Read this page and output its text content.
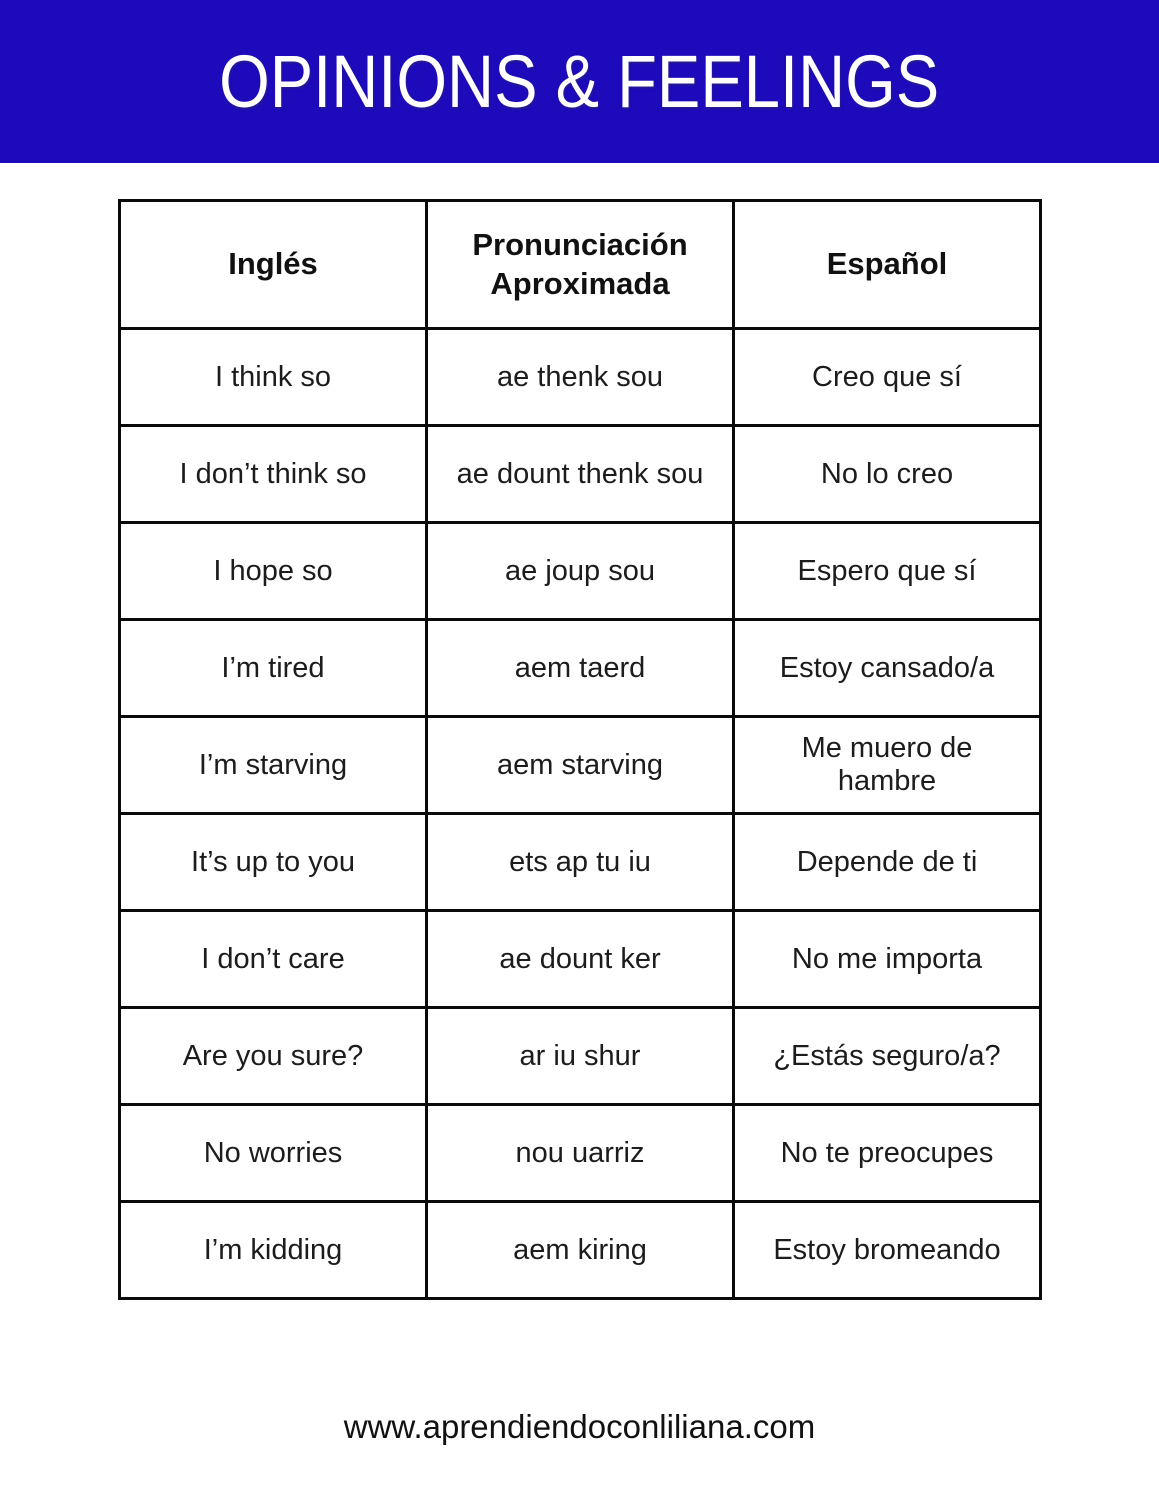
OPINIONS & FEELINGS
Inglés	Pronunciación Aproximada	Español
I think so	ae thenk sou	Creo que sí
I don’t think so	ae dount thenk sou	No lo creo
I hope so	ae joup sou	Espero que sí
I’m tired	aem taerd	Estoy cansado/a
I’m starving	aem starving	Me muero de hambre
It’s up to you	ets ap tu iu	Depende de ti
I don’t care	ae dount ker	No me importa
Are you sure?	ar iu shur	¿Estás seguro/a?
No worries	nou uarriz	No te preocupes
I’m kidding	aem kiring	Estoy bromeando
www.aprendiendoconliliana.com
